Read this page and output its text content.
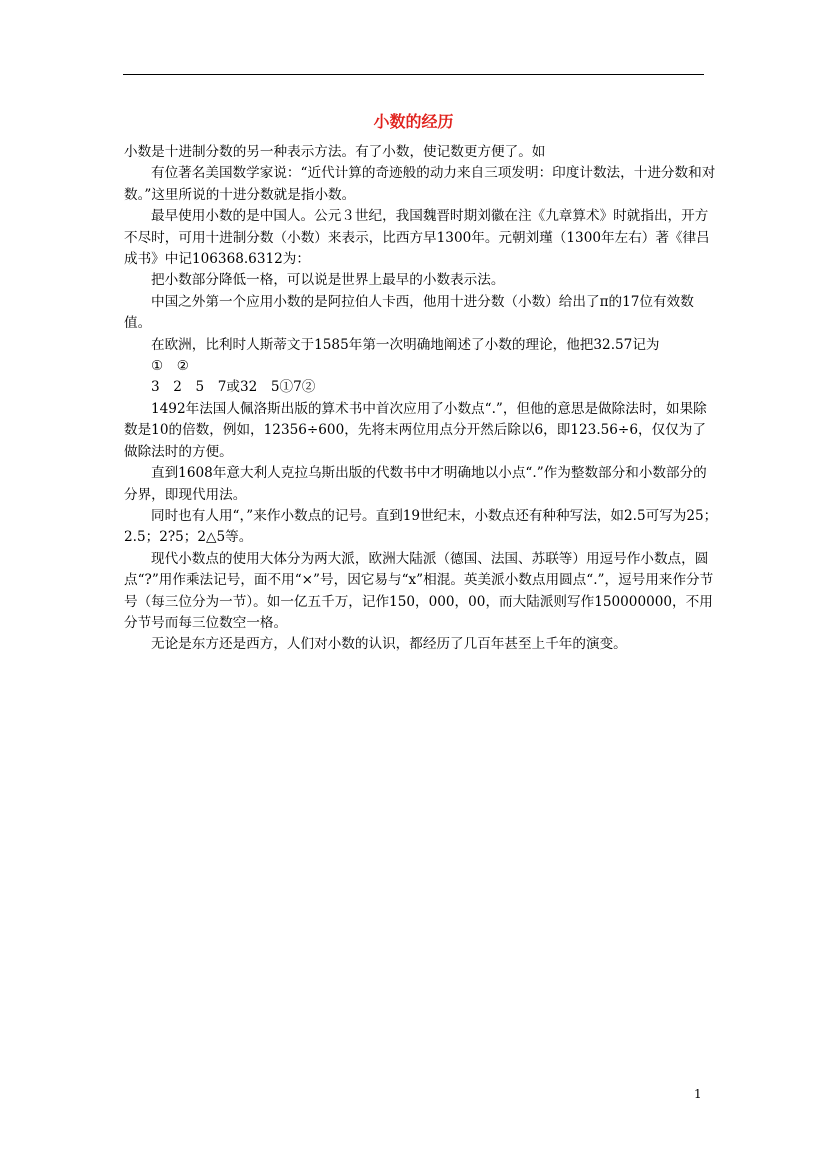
小数的经历

小数是十进制分数的另一种表示方法。有了小数，使记数更方便了。如

有位著名美国数学家说：“近代计算的奇迹般的动力来自三项发明：印度计数法，十进分数和对数。”这里所说的十进分数就是指小数。

最早使用小数的是中国人。公元３世纪，我国魏晋时期刘徽在注《九章算术》时就指出，开方不尽时，可用十进制分数（小数）来表示，比西方早1300年。元朝刘瑾（1300年左右）著《律吕成书》中记106368.6312为：

把小数部分降低一格，可以说是世界上最早的小数表示法。

中国之外第一个应用小数的是阿拉伯人卡西，他用十进分数（小数）给出了π的17位有效数值。

在欧洲，比利时人斯蒂文于1585年第一次明确地阐述了小数的理论，他把32.57记为

①　②

3　2　5　7或32　5①7②

1492年法国人佩洛斯出版的算术书中首次应用了小数点“.”，但他的意思是做除法时，如果除数是10的倍数，例如，12356÷600，先将末两位用点分开然后除以6，即123.56÷6，仅仅为了做除法时的方便。

直到1608年意大利人克拉乌斯出版的代数书中才明确地以小点“.”作为整数部分和小数部分的分界，即现代用法。

同时也有人用“，”来作小数点的记号。直到19世纪末，小数点还有种种写法，如2.5可写为25；2.5；2?5；2△5等。

现代小数点的使用大体分为两大派，欧洲大陆派（德国、法国、苏联等）用逗号作小数点，圆点“?”用作乘法记号，面不用“×”号，因它易与“x”相混。英美派小数点用圆点“.”，逗号用来作分节号（每三位分为一节）。如一亿五千万，记作150，000，00，而大陆派则写作150000000，不用分节号而每三位数空一格。

无论是东方还是西方，人们对小数的认识，都经历了几百年甚至上千年的演变。

1
